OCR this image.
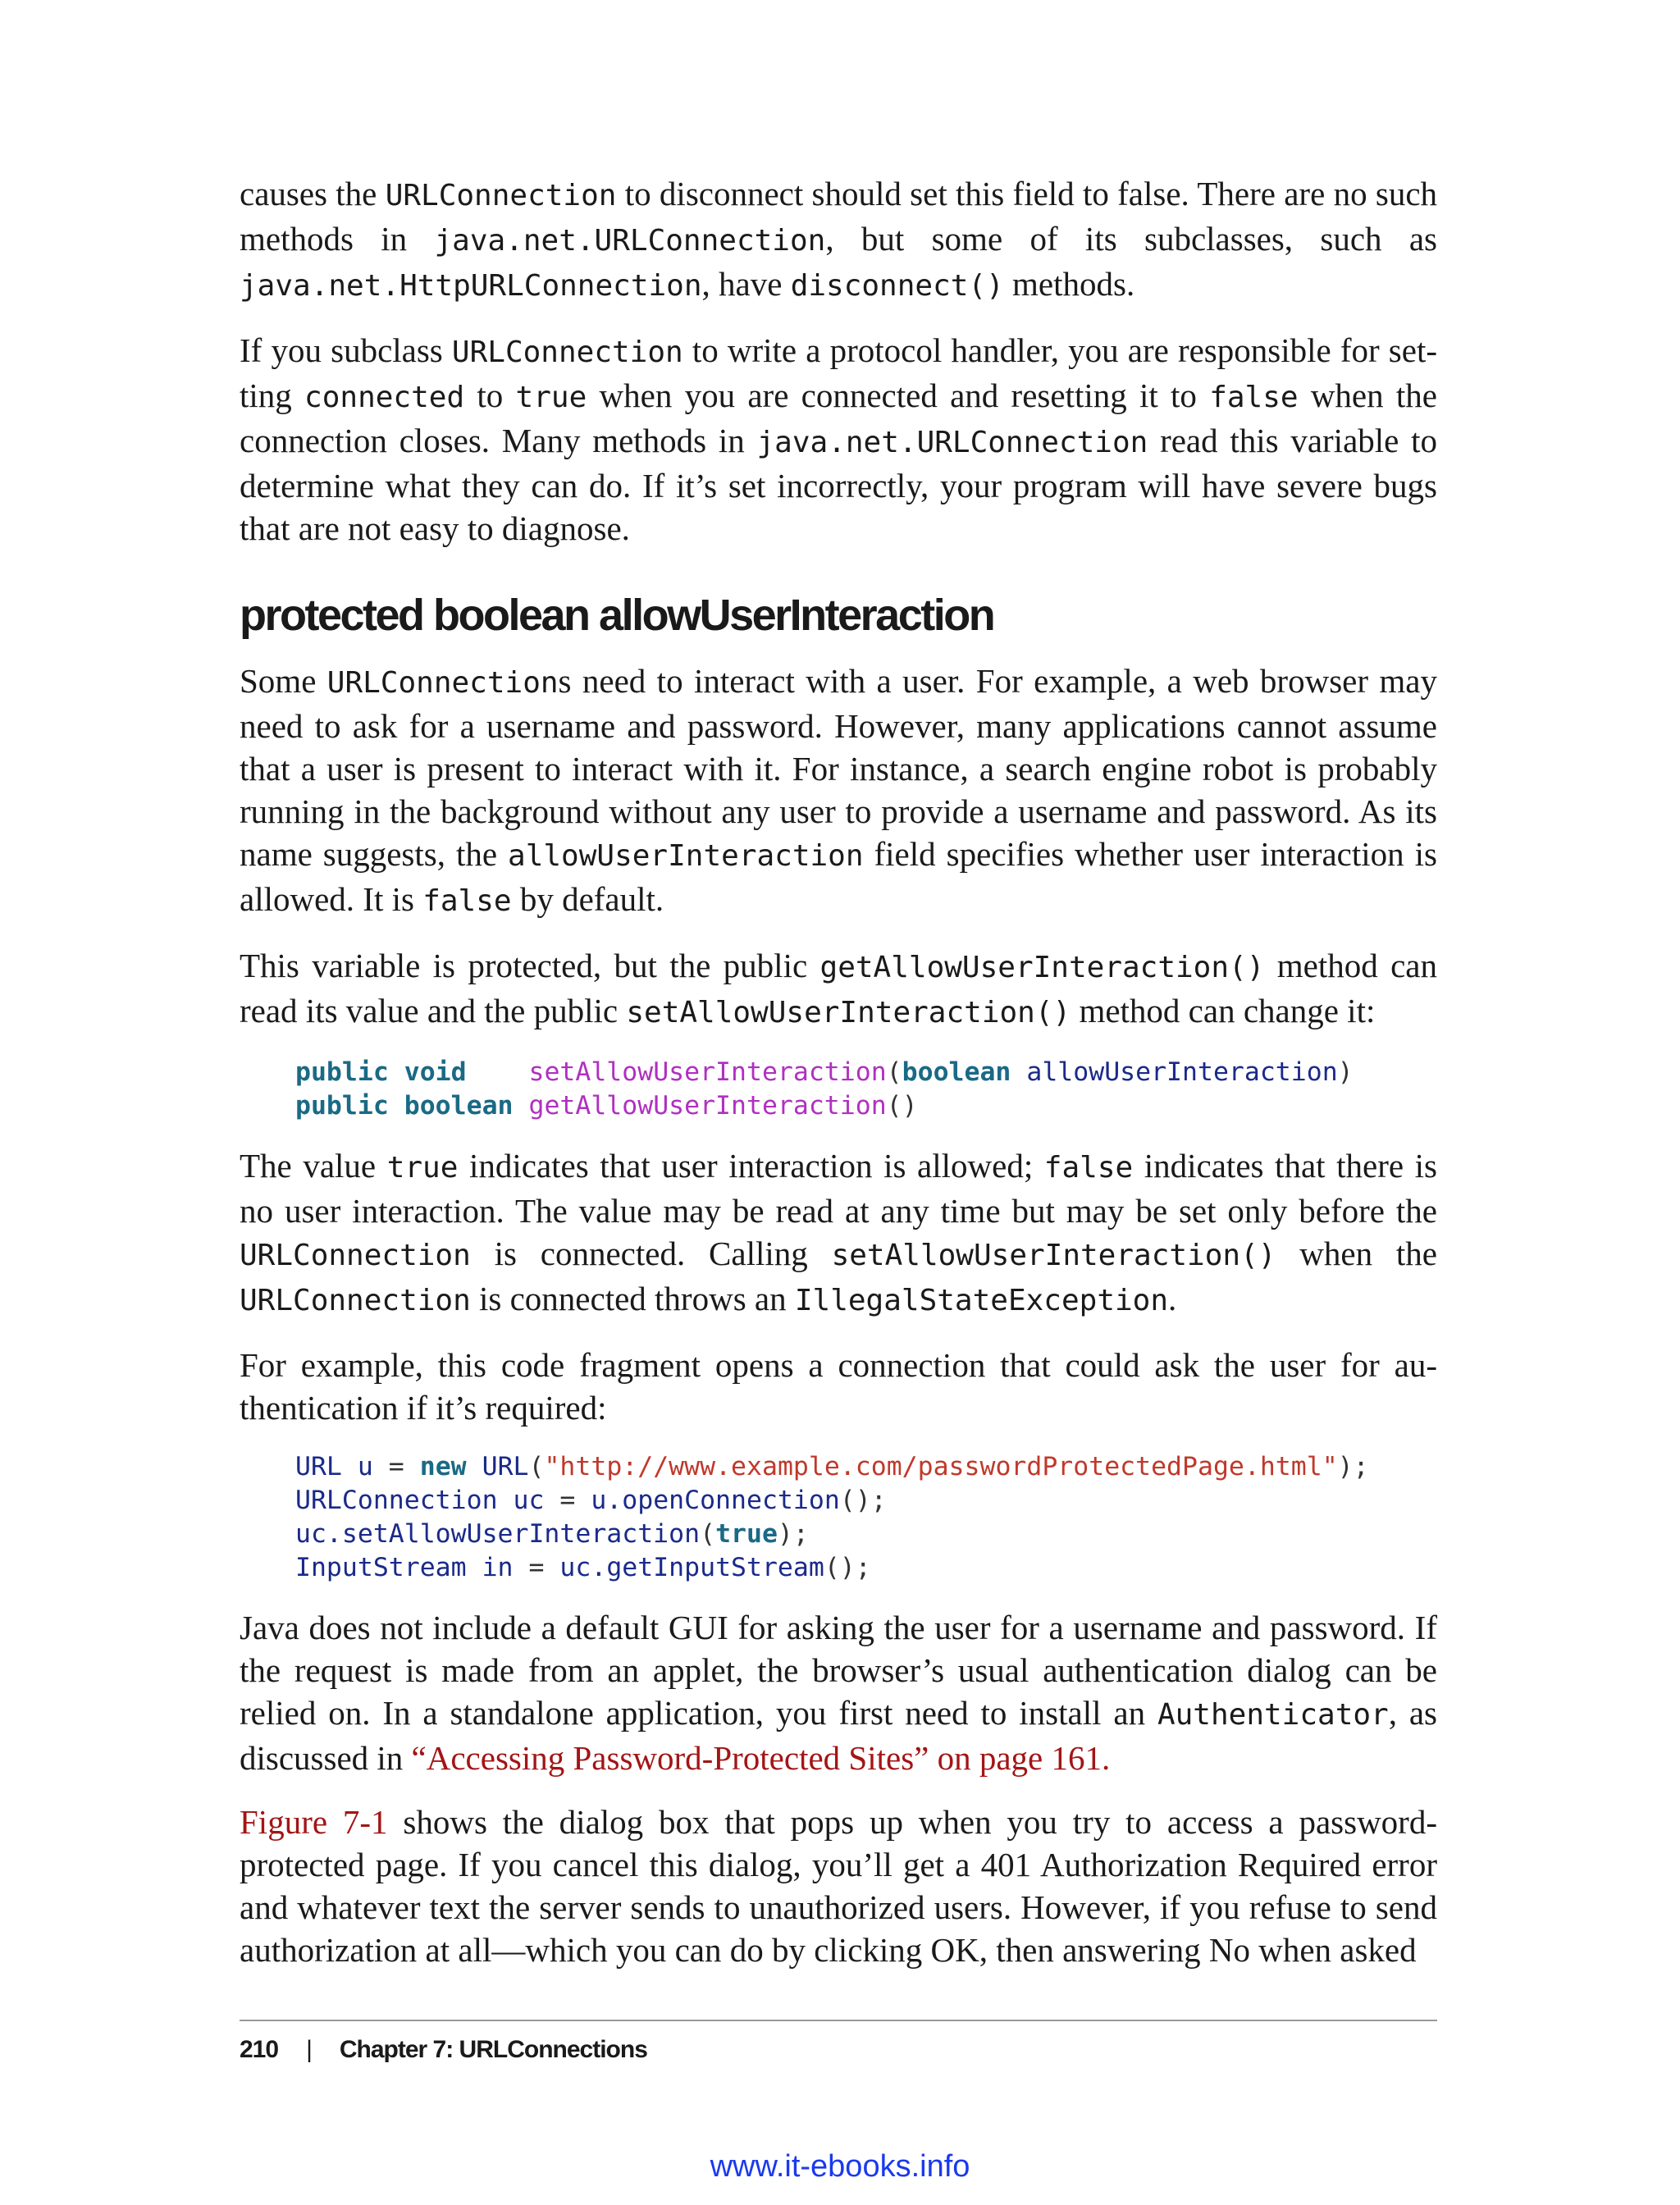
causes the URLConnection to disconnect should set this field to false. There are no such methods in java.net.URLConnection, but some of its subclasses, such as java.net.HttpURLConnection, have disconnect() methods.

If you subclass URLConnection to write a protocol handler, you are responsible for set-ting connected to true when you are connected and resetting it to false when the connection closes. Many methods in java.net.URLConnection read this variable to determine what they can do. If it’s set incorrectly, your program will have severe bugs that are not easy to diagnose.

protected boolean allowUserInteraction

Some URLConnections need to interact with a user. For example, a web browser may need to ask for a username and password. However, many applications cannot assume that a user is present to interact with it. For instance, a search engine robot is probably running in the background without any user to provide a username and password. As its name suggests, the allowUserInteraction field specifies whether user interaction is allowed. It is false by default.

This variable is protected, but the public getAllowUserInteraction() method can read its value and the public setAllowUserInteraction() method can change it:

public void setAllowUserInteraction(boolean allowUserInteraction)
public boolean getAllowUserInteraction()

The value true indicates that user interaction is allowed; false indicates that there is no user interaction. The value may be read at any time but may be set only before the URLConnection is connected. Calling setAllowUserInteraction() when the URLConnection is connected throws an IllegalStateException.

For example, this code fragment opens a connection that could ask the user for au-thentication if it’s required:

URL u = new URL("http://www.example.com/passwordProtectedPage.html");
URLConnection uc = u.openConnection();
uc.setAllowUserInteraction(true);
InputStream in = uc.getInputStream();

Java does not include a default GUI for asking the user for a username and password. If the request is made from an applet, the browser’s usual authentication dialog can be relied on. In a standalone application, you first need to install an Authenticator, as discussed in “Accessing Password-Protected Sites” on page 161.

Figure 7-1 shows the dialog box that pops up when you try to access a password-protected page. If you cancel this dialog, you’ll get a 401 Authorization Required error and whatever text the server sends to unauthorized users. However, if you refuse to send authorization at all—which you can do by clicking OK, then answering No when asked

210 | Chapter 7: URLConnections
www.it-ebooks.info
